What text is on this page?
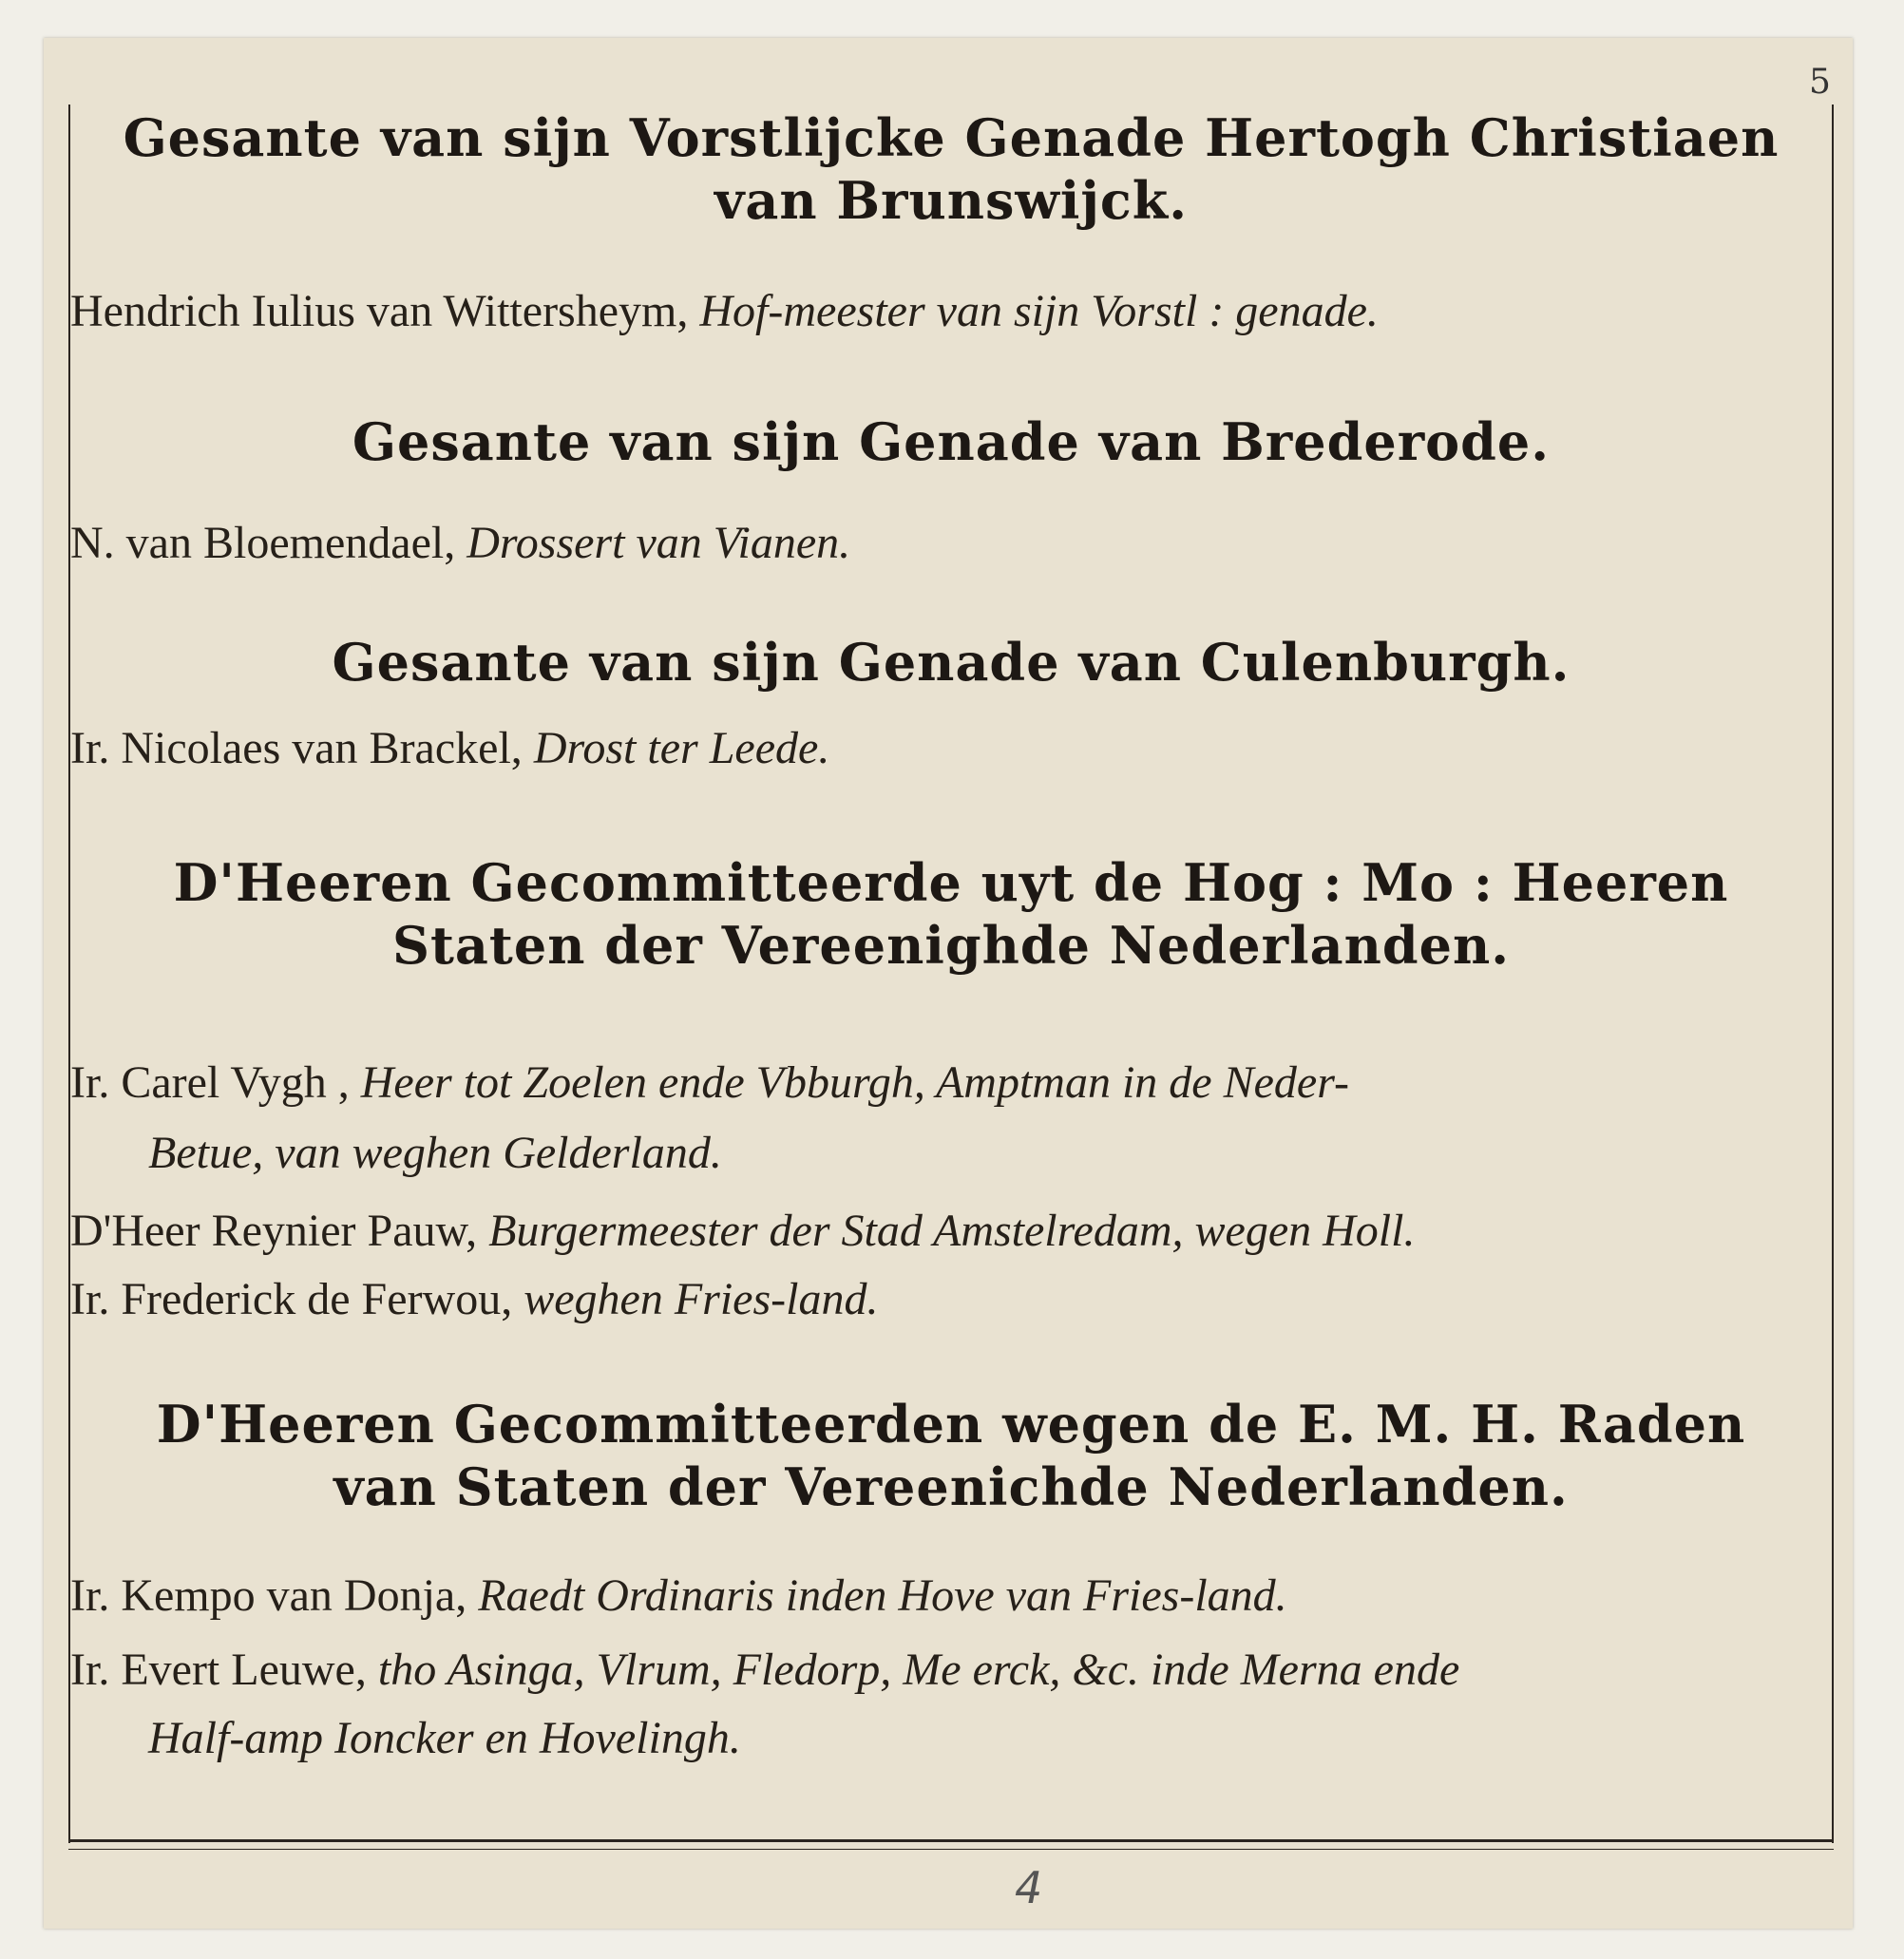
5
Gesante van sijn Vorstlijcke Genade Hertogh Christiaen van Brunswijck.
Hendrich Iulius van Wittersheym, Hof-meester van sijn Vorstl : genade.
Gesante van sijn Genade van Brederode.
N. van Bloemendael, Drossert van Vianen.
Gesante van sijn Genade van Culenburgh.
Ir. Nicolaes van Brackel, Drost ter Leede.
D'Heeren Gecommitteerde uyt de Hog : Mo : Heeren Staten der Vereenighde Nederlanden.
Ir. Carel Vygh , Heer tot Zoelen ende Vbburgh, Amptman in de Neder-
Betue, van weghen Gelderland.
D'Heer Reynier Pauw, Burgermeester der Stad Amstelredam, wegen Holl.
Ir. Frederick de Ferwou, weghen Fries-land.
D'Heeren Gecommitteerden wegen de E. M. H. Raden van Staten der Vereenichde Nederlanden.
Ir. Kempo van Donja, Raedt Ordinaris inden Hove van Fries-land.
Ir. Evert Leuwe, tho Asinga, Vlrum, Fledorp, Me erck, &c. inde Merna ende
Half-amp Ioncker en Hovelingh.
4
